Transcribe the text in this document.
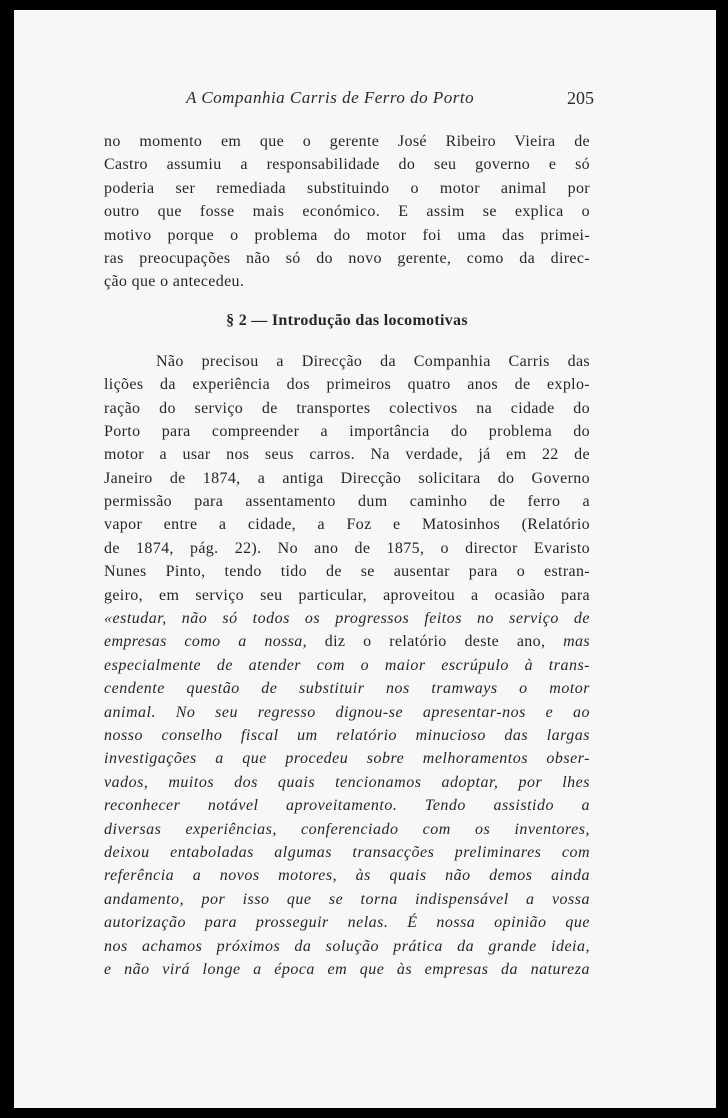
A Companhia Carris de Ferro do Porto	205
no momento em que o gerente José Ribeiro Vieira de
Castro assumiu a responsabilidade do seu governo e só
poderia ser remediada substituindo o motor animal por
outro que fosse mais económico. E assim se explica o
motivo porque o problema do motor foi uma das primei-
ras preocupações não só do novo gerente, como da direc-
ção que o antecedeu.
§ 2 — Introdução das locomotivas
Não precisou a Direcção da Companhia Carris das
lições da experiência dos primeiros quatro anos de explo-
ração do serviço de transportes colectivos na cidade do
Porto para compreender a importância do problema do
motor a usar nos seus carros. Na verdade, já em 22 de
Janeiro de 1874, a antiga Direcção solicitara do Governo
permissão para assentamento dum caminho de ferro a
vapor entre a cidade, a Foz e Matosinhos (Relatório
de 1874, pág. 22). No ano de 1875, o director Evaristo
Nunes Pinto, tendo tido de se ausentar para o estran-
geiro, em serviço seu particular, aproveitou a ocasião para
«estudar, não só todos os progressos feitos no serviço de
empresas como a nossa, diz o relatório deste ano, mas
especialmente de atender com o maior escrúpulo à trans-
cendente questão de substituir nos tramways o motor
animal. No seu regresso dignou-se apresentar-nos e ao
nosso conselho fiscal um relatório minucioso das largas
investigações a que procedeu sobre melhoramentos obser-
vados, muitos dos quais tencionamos adoptar, por lhes
reconhecer notável aproveitamento. Tendo assistido a
diversas experiências, conferenciado com os inventores,
deixou entaboladas algumas transacções preliminares com
referência a novos motores, às quais não demos ainda
andamento, por isso que se torna indispensável a vossa
autorização para prosseguir nelas. É nossa opinião que
nos achamos próximos da solução prática da grande ideia,
e não virá longe a época em que às empresas da natureza
